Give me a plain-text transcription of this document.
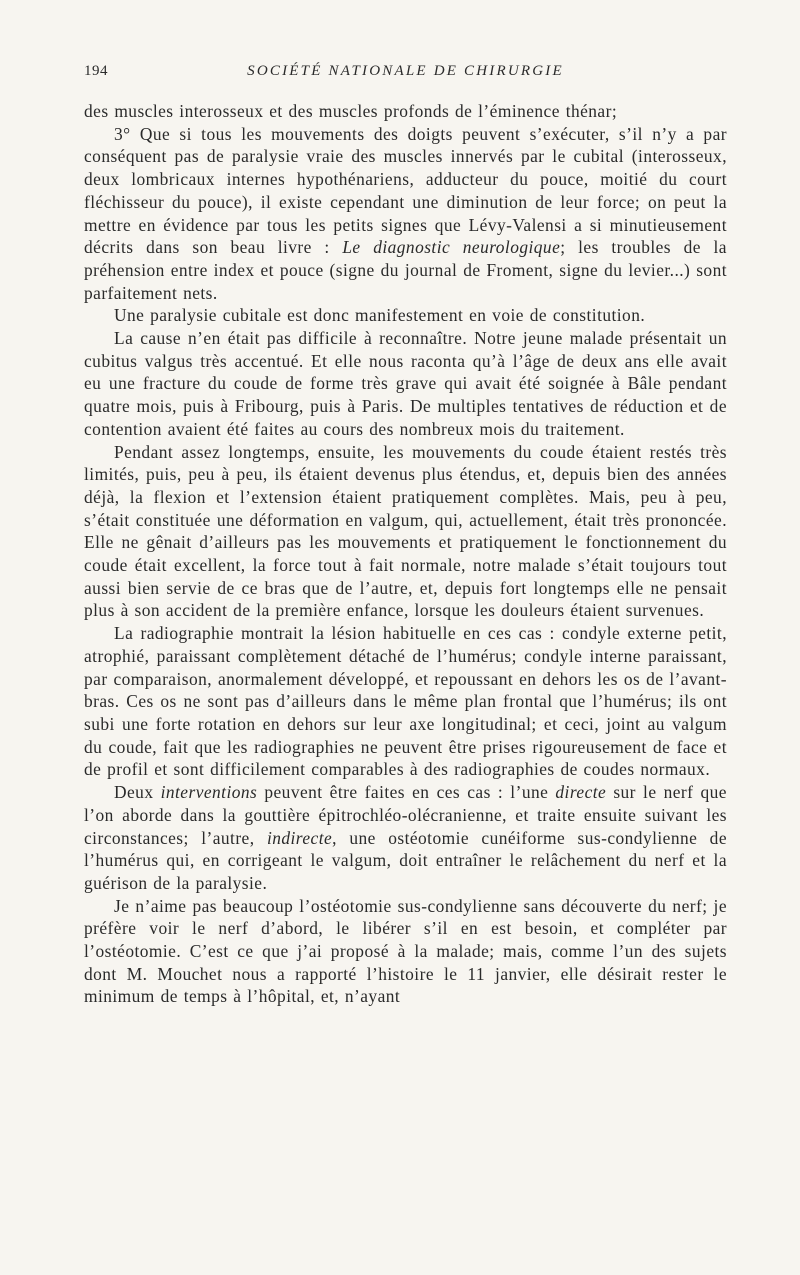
194	SOCIÉTÉ NATIONALE DE CHIRURGIE

des muscles interosseux et des muscles profonds de l’éminence thénar;

3° Que si tous les mouvements des doigts peuvent s’exécuter, s’il n’y a par conséquent pas de paralysie vraie des muscles innervés par le cubital (interosseux, deux lombricaux internes hypothénariens, adducteur du pouce, moitié du court fléchisseur du pouce), il existe cependant une diminution de leur force; on peut la mettre en évidence par tous les petits signes que Lévy-Valensi a si minutieusement décrits dans son beau livre : Le diagnostic neurologique; les troubles de la préhension entre index et pouce (signe du journal de Froment, signe du levier...) sont parfaitement nets.

Une paralysie cubitale est donc manifestement en voie de constitution.

La cause n’en était pas difficile à reconnaître. Notre jeune malade présentait un cubitus valgus très accentué. Et elle nous raconta qu’à l’âge de deux ans elle avait eu une fracture du coude de forme très grave qui avait été soignée à Bâle pendant quatre mois, puis à Fribourg, puis à Paris. De multiples tentatives de réduction et de contention avaient été faites au cours des nombreux mois du traitement.

Pendant assez longtemps, ensuite, les mouvements du coude étaient restés très limités, puis, peu à peu, ils étaient devenus plus étendus, et, depuis bien des années déjà, la flexion et l’extension étaient pratiquement complètes. Mais, peu à peu, s’était constituée une déformation en valgum, qui, actuellement, était très prononcée. Elle ne gênait d’ailleurs pas les mouvements et pratiquement le fonctionnement du coude était excellent, la force tout à fait normale, notre malade s’était toujours tout aussi bien servie de ce bras que de l’autre, et, depuis fort longtemps elle ne pensait plus à son accident de la première enfance, lorsque les douleurs étaient survenues.

La radiographie montrait la lésion habituelle en ces cas : condyle externe petit, atrophié, paraissant complètement détaché de l’humérus; condyle interne paraissant, par comparaison, anormalement développé, et repoussant en dehors les os de l’avant-bras. Ces os ne sont pas d’ailleurs dans le même plan frontal que l’humérus; ils ont subi une forte rotation en dehors sur leur axe longitudinal; et ceci, joint au valgum du coude, fait que les radiographies ne peuvent être prises rigoureusement de face et de profil et sont difficilement comparables à des radiographies de coudes normaux.

Deux interventions peuvent être faites en ces cas : l’une directe sur le nerf que l’on aborde dans la gouttière épitrochléo-olécranienne, et traite ensuite suivant les circonstances; l’autre, indirecte, une ostéotomie cunéiforme sus-condylienne de l’humérus qui, en corrigeant le valgum, doit entraîner le relâchement du nerf et la guérison de la paralysie.

Je n’aime pas beaucoup l’ostéotomie sus-condylienne sans découverte du nerf; je préfère voir le nerf d’abord, le libérer s’il en est besoin, et compléter par l’ostéotomie. C’est ce que j’ai proposé à la malade; mais, comme l’un des sujets dont M. Mouchet nous a rapporté l’histoire le 11 janvier, elle désirait rester le minimum de temps à l’hôpital, et, n’ayant
